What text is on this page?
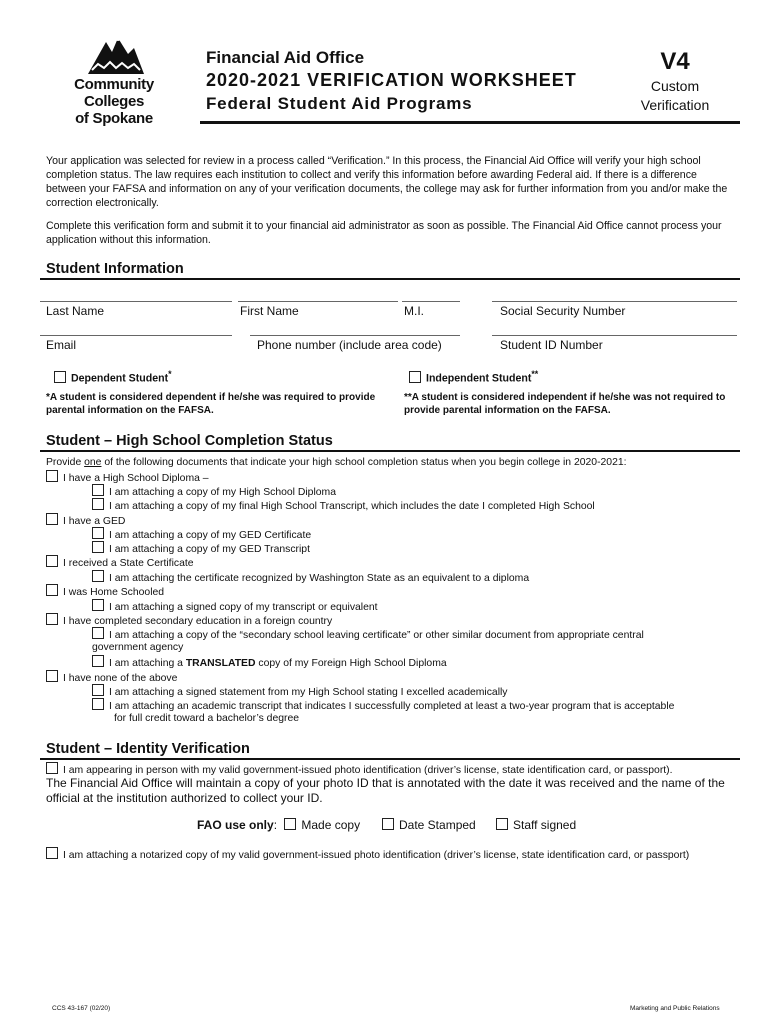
Community Colleges
of Spokane
Financial Aid Office
2020-2021 VERIFICATION WORKSHEET
Federal Student Aid Programs
V4
Custom
Verification
Your application was selected for review in a process called “Verification.” In this process, the Financial Aid Office will verify your high school completion status. The law requires each institution to collect and verify this information before awarding Federal aid. If there is a difference between your FAFSA and information on any of your verification documents, the college may ask for further information from you and/or make the correction electronically.
Complete this verification form and submit it to your financial aid administrator as soon as possible. The Financial Aid Office cannot process your application without this information.
Student Information
Last Name	First Name	M.I.	Social Security Number
Email	Phone number (include area code)	Student ID Number
Dependent Student*	Independent Student**
*A student is considered dependent if he/she was required to provide parental information on the FAFSA.
**A student is considered independent if he/she was not required to provide parental information on the FAFSA.
Student – High School Completion Status
Provide one of the following documents that indicate your high school completion status when you begin college in 2020-2021:
I have a High School Diploma –
I am attaching a copy of my High School Diploma
I am attaching a copy of my final High School Transcript, which includes the date I completed High School
I have a GED
I am attaching a copy of my GED Certificate
I am attaching a copy of my GED Transcript
I received a State Certificate
I am attaching the certificate recognized by Washington State as an equivalent to a diploma
I was Home Schooled
I am attaching a signed copy of my transcript or equivalent
I have completed secondary education in a foreign country
I am attaching a copy of the “secondary school leaving certificate” or other similar document from appropriate central
government agency
I am attaching a TRANSLATED copy of my Foreign High School Diploma
I have none of the above
I am attaching a signed statement from my High School stating I excelled academically
I am attaching an academic transcript that indicates I successfully completed at least a two-year program that is acceptable
for full credit toward a bachelor’s degree
Student – Identity Verification
I am appearing in person with my valid government-issued photo identification (driver’s license, state identification card, or passport).
The Financial Aid Office will maintain a copy of your photo ID that is annotated with the date it was received and the name of the official at the institution authorized to collect your ID.
FAO use only: Made copy	Date Stamped	Staff signed
I am attaching a notarized copy of my valid government-issued photo identification (driver’s license, state identification card, or passport)
CCS 43-167 (02/20)	Marketing and Public Relations
